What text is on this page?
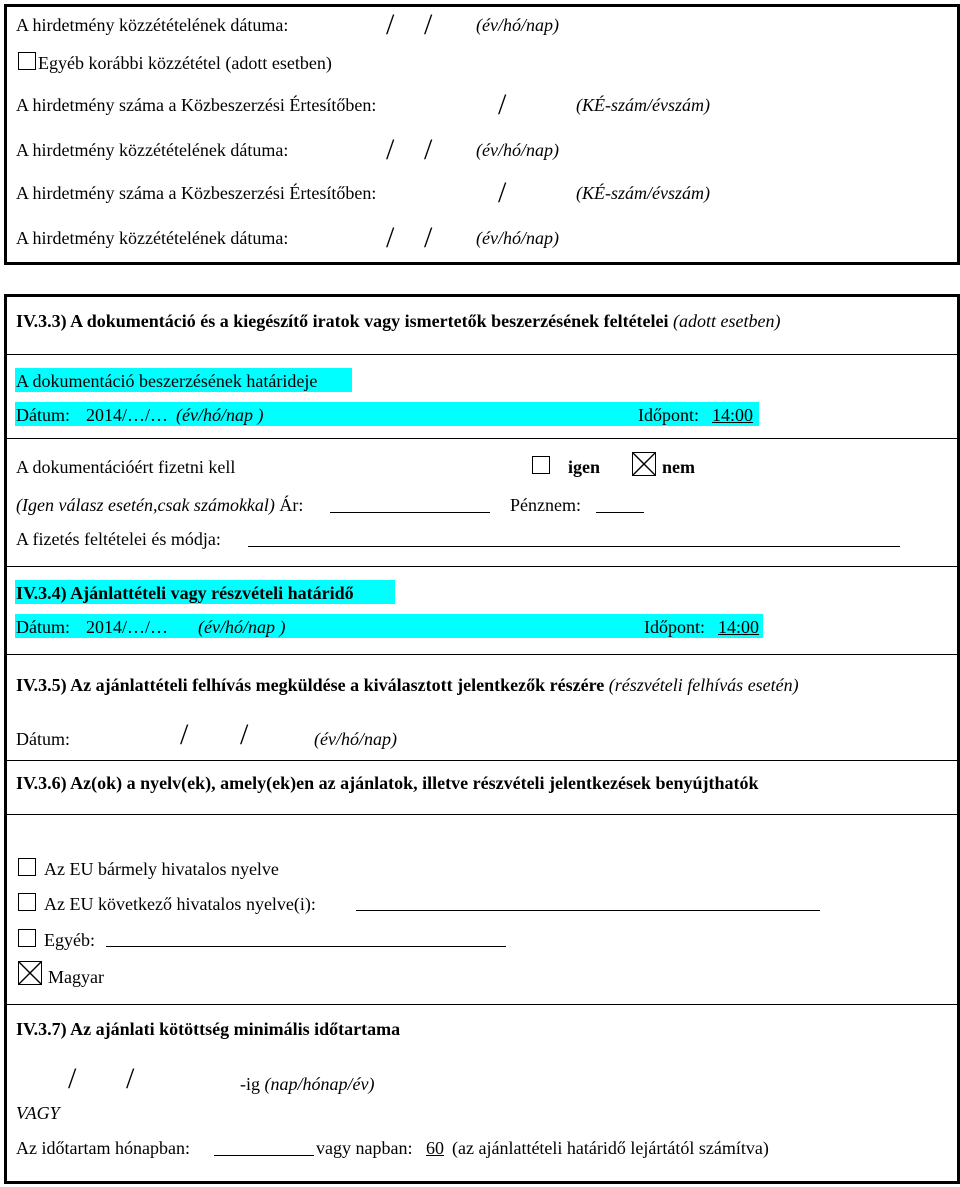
A hirdetmény közzétételének dátuma:	/ / (év/hó/nap)
Egyéb korábbi közzététel (adott esetben)
A hirdetmény száma a Közbeszerzési Értesítőben:	/	(KÉ-szám/évszám)
A hirdetmény közzétételének dátuma:	/ / (év/hó/nap)
A hirdetmény száma a Közbeszerzési Értesítőben:	/	(KÉ-szám/évszám)
A hirdetmény közzétételének dátuma:	/ / (év/hó/nap)
IV.3.3) A dokumentáció és a kiegészítő iratok vagy ismertetők beszerzésének feltételei (adott esetben)
A dokumentáció beszerzésének határideje
Dátum: 2014/…/… (év/hó/nap )	Időpont: 14:00
A dokumentációért fizetni kell	igen	nem
(Igen válasz esetén,csak számokkal) Ár:	Pénznem:
A fizetés feltételei és módja:
IV.3.4) Ajánlattételi vagy részvételi határidő
Dátum: 2014/…/… (év/hó/nap )	Időpont: 14:00
IV.3.5) Az ajánlattételi felhívás megküldése a kiválasztott jelentkezők részére (részvételi felhívás esetén)
Dátum:	/ /	(év/hó/nap)
IV.3.6) Az(ok) a nyelv(ek), amely(ek)en az ajánlatok, illetve részvételi jelentkezések benyújthatók
Az EU bármely hivatalos nyelve
Az EU következő hivatalos nyelve(i):
Egyéb:
Magyar
IV.3.7) Az ajánlati kötöttség minimális időtartama
/ /	-ig (nap/hónap/év)
VAGY
Az időtartam hónapban:	vagy napban: 60 (az ajánlattételi határidő lejártától számítva)
